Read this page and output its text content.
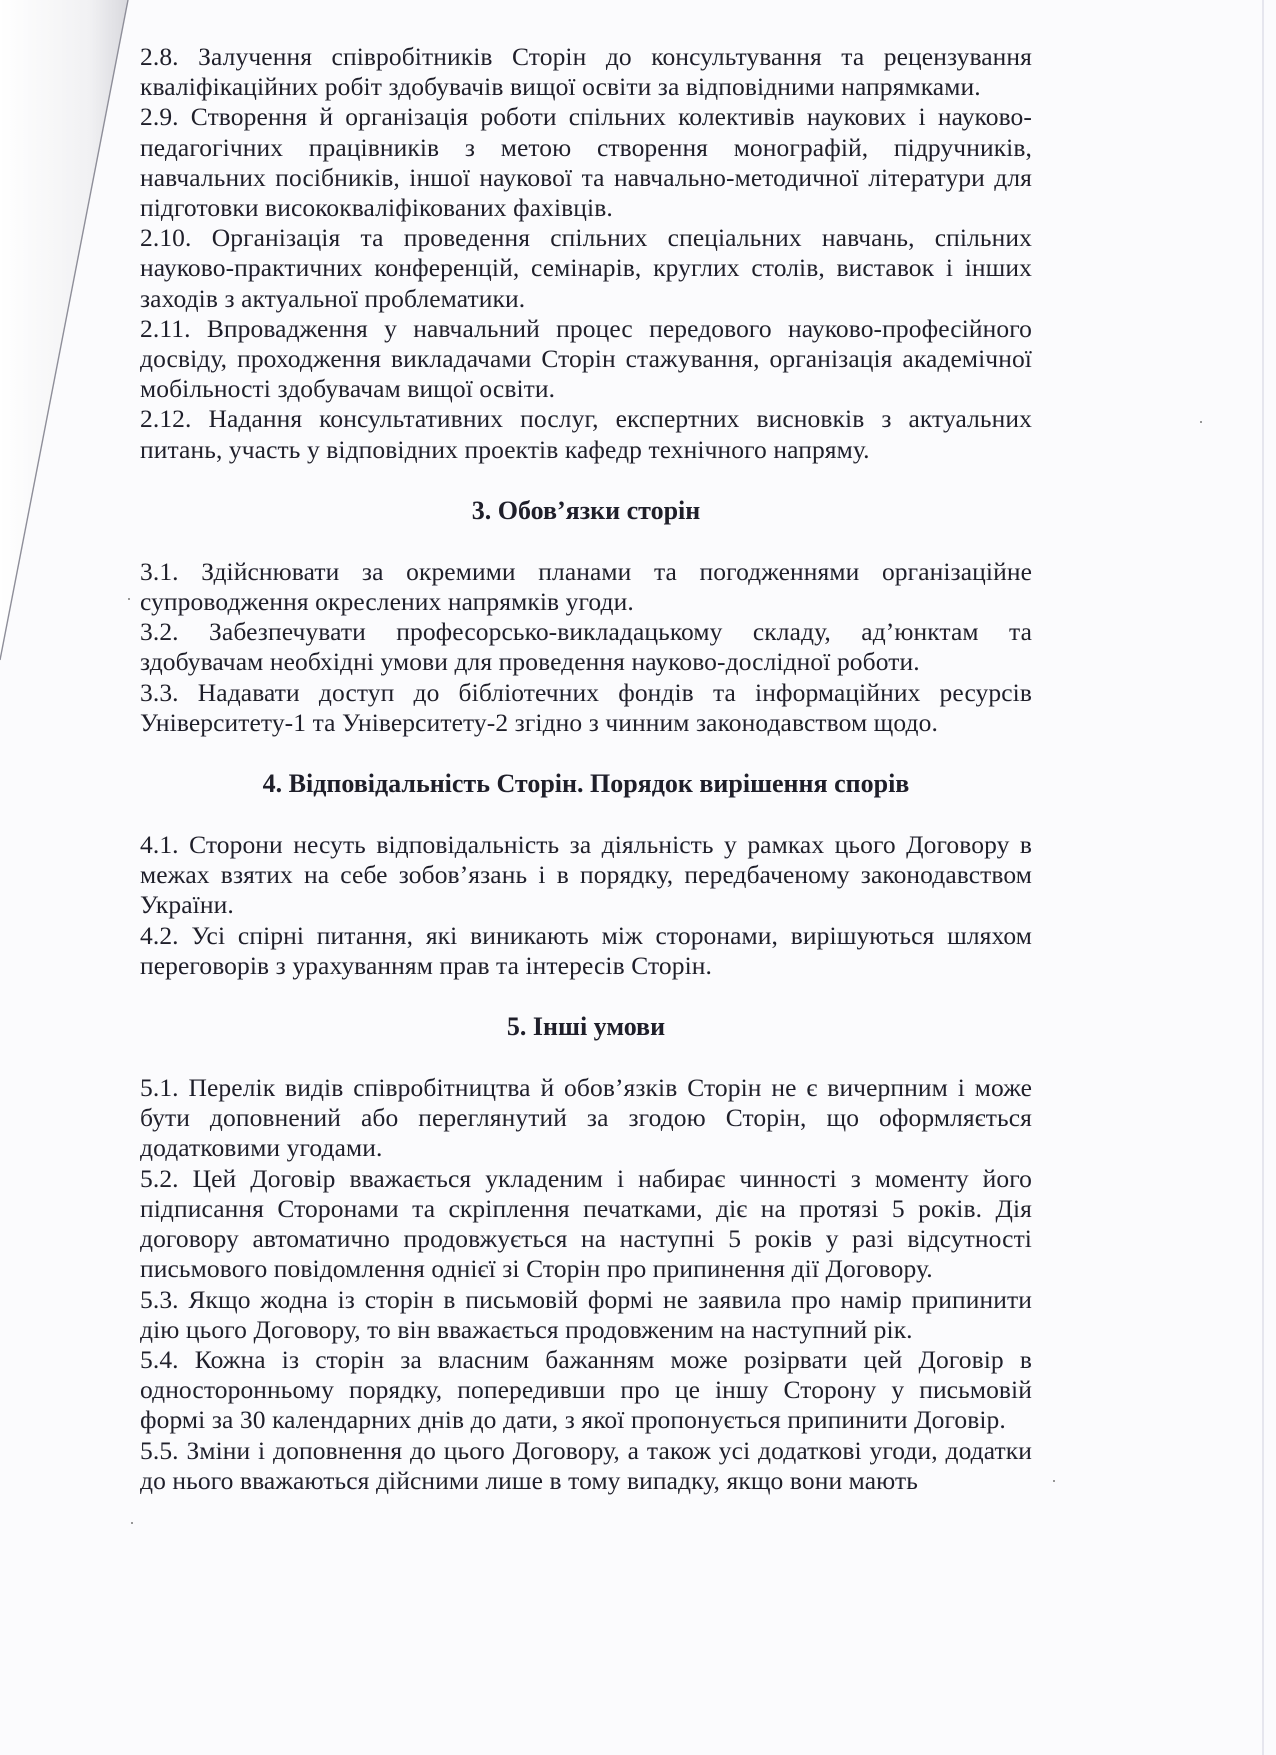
2.8. Залучення співробітників Сторін до консультування та рецензування кваліфікаційних робіт здобувачів вищої освіти за відповідними напрямками.

2.9. Створення й організація роботи спільних колективів наукових і науково-педагогічних працівників з метою створення монографій, підручників, навчальних посібників, іншої наукової та навчально-методичної літератури для підготовки висококваліфікованих фахівців.

2.10. Організація та проведення спільних спеціальних навчань, спільних науково-практичних конференцій, семінарів, круглих столів, виставок і інших заходів з актуальної проблематики.

2.11. Впровадження у навчальний процес передового науково-професійного досвіду, проходження викладачами Сторін стажування, організація академічної мобільності здобувачам вищої освіти.

2.12. Надання консультативних послуг, експертних висновків з актуальних питань, участь у відповідних проектів кафедр технічного напряму.

3. Обов’язки сторін

3.1. Здійснювати за окремими планами та погодженнями організаційне супроводження окреслених напрямків угоди.

3.2. Забезпечувати професорсько-викладацькому складу, ад’юнктам та здобувачам необхідні умови для проведення науково-дослідної роботи.

3.3. Надавати доступ до бібліотечних фондів та інформаційних ресурсів Університету-1 та Університету-2 згідно з чинним законодавством щодо.

4. Відповідальність Сторін. Порядок вирішення спорів

4.1. Сторони несуть відповідальність за діяльність у рамках цього Договору в межах взятих на себе зобов’язань і в порядку, передбаченому законодавством України.

4.2. Усі спірні питання, які виникають між сторонами, вирішуються шляхом переговорів з урахуванням прав та інтересів Сторін.

5. Інші умови

5.1. Перелік видів співробітництва й обов’язків Сторін не є вичерпним і може бути доповнений або переглянутий за згодою Сторін, що оформляється додатковими угодами.

5.2. Цей Договір вважається укладеним і набирає чинності з моменту його підписання Сторонами та скріплення печатками, діє на протязі 5 років. Дія договору автоматично продовжується на наступні 5 років у разі відсутності письмового повідомлення однієї зі Сторін про припинення дії Договору.

5.3. Якщо жодна із сторін в письмовій формі не заявила про намір припинити дію цього Договору, то він вважається продовженим на наступний рік.

5.4. Кожна із сторін за власним бажанням може розірвати цей Договір в односторонньому порядку, попередивши про це іншу Сторону у письмовій формі за 30 календарних днів до дати, з якої пропонується припинити Договір.

5.5. Зміни і доповнення до цього Договору, а також усі додаткові угоди, додатки до нього вважаються дійсними лише в тому випадку, якщо вони мають
